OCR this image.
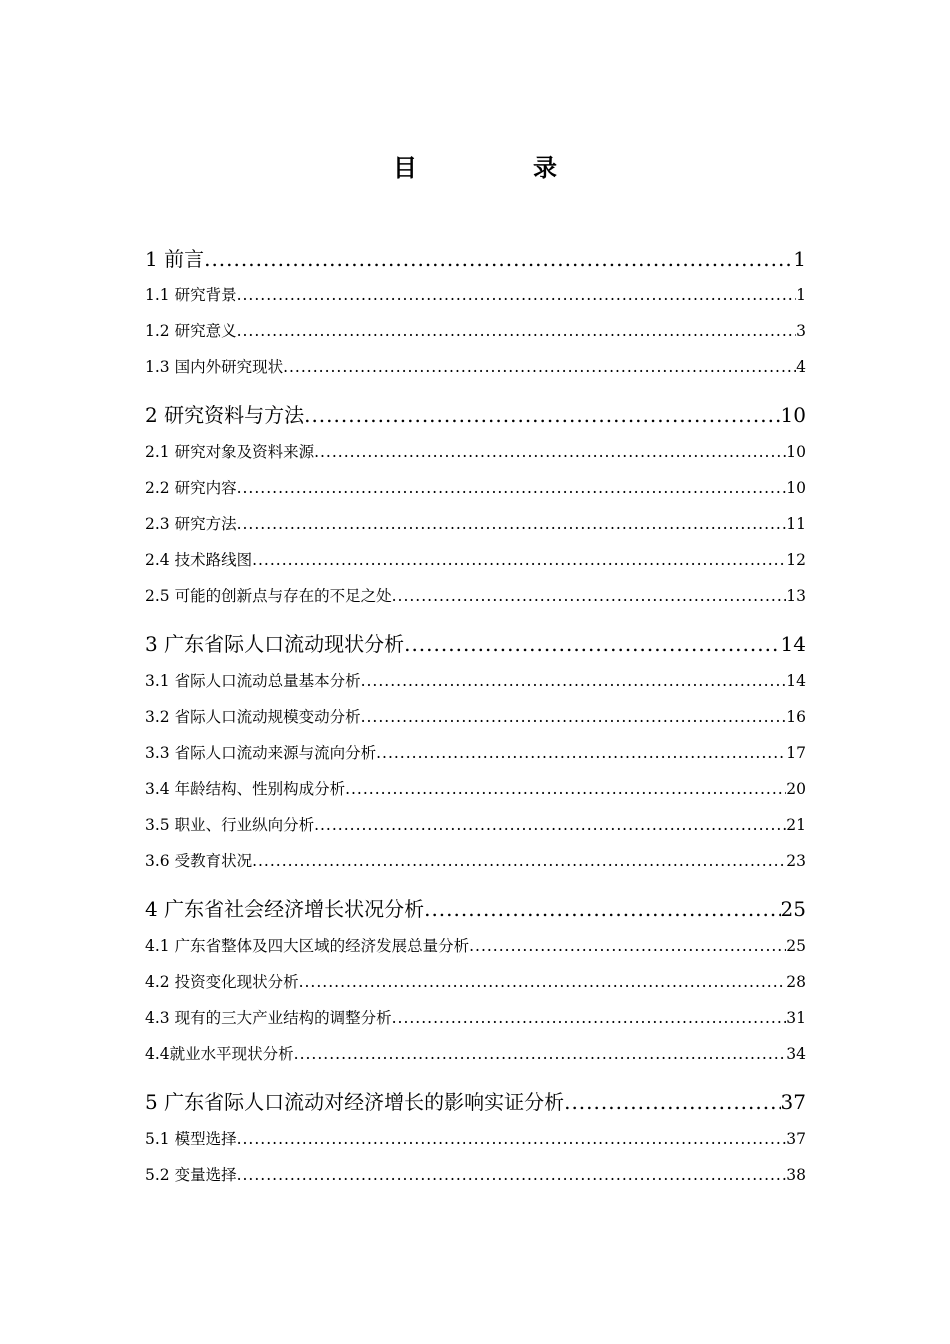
目　录
1 前言 .....	1
1.1 研究背景 .....	1
1.2 研究意义 .....	3
1.3 国内外研究现状 .....	4
2 研究资料与方法 .....	10
2.1 研究对象及资料来源 .....	10
2.2 研究内容 .....	10
2.3 研究方法 .....	11
2.4 技术路线图 .....	12
2.5 可能的创新点与存在的不足之处 .....	13
3 广东省际人口流动现状分析 .....	14
3.1 省际人口流动总量基本分析 .....	14
3.2 省际人口流动规模变动分析 .....	16
3.3 省际人口流动来源与流向分析 .....	17
3.4 年龄结构、性别构成分析 .....	20
3.5 职业、行业纵向分析 .....	21
3.6 受教育状况 .....	23
4 广东省社会经济增长状况分析 .....	25
4.1 广东省整体及四大区域的经济发展总量分析 .....	25
4.2 投资变化现状分析 .....	28
4.3 现有的三大产业结构的调整分析 .....	31
4.4就业水平现状分析 .....	34
5 广东省际人口流动对经济增长的影响实证分析 .....	37
5.1 模型选择 .....	37
5.2 变量选择 .....	38
